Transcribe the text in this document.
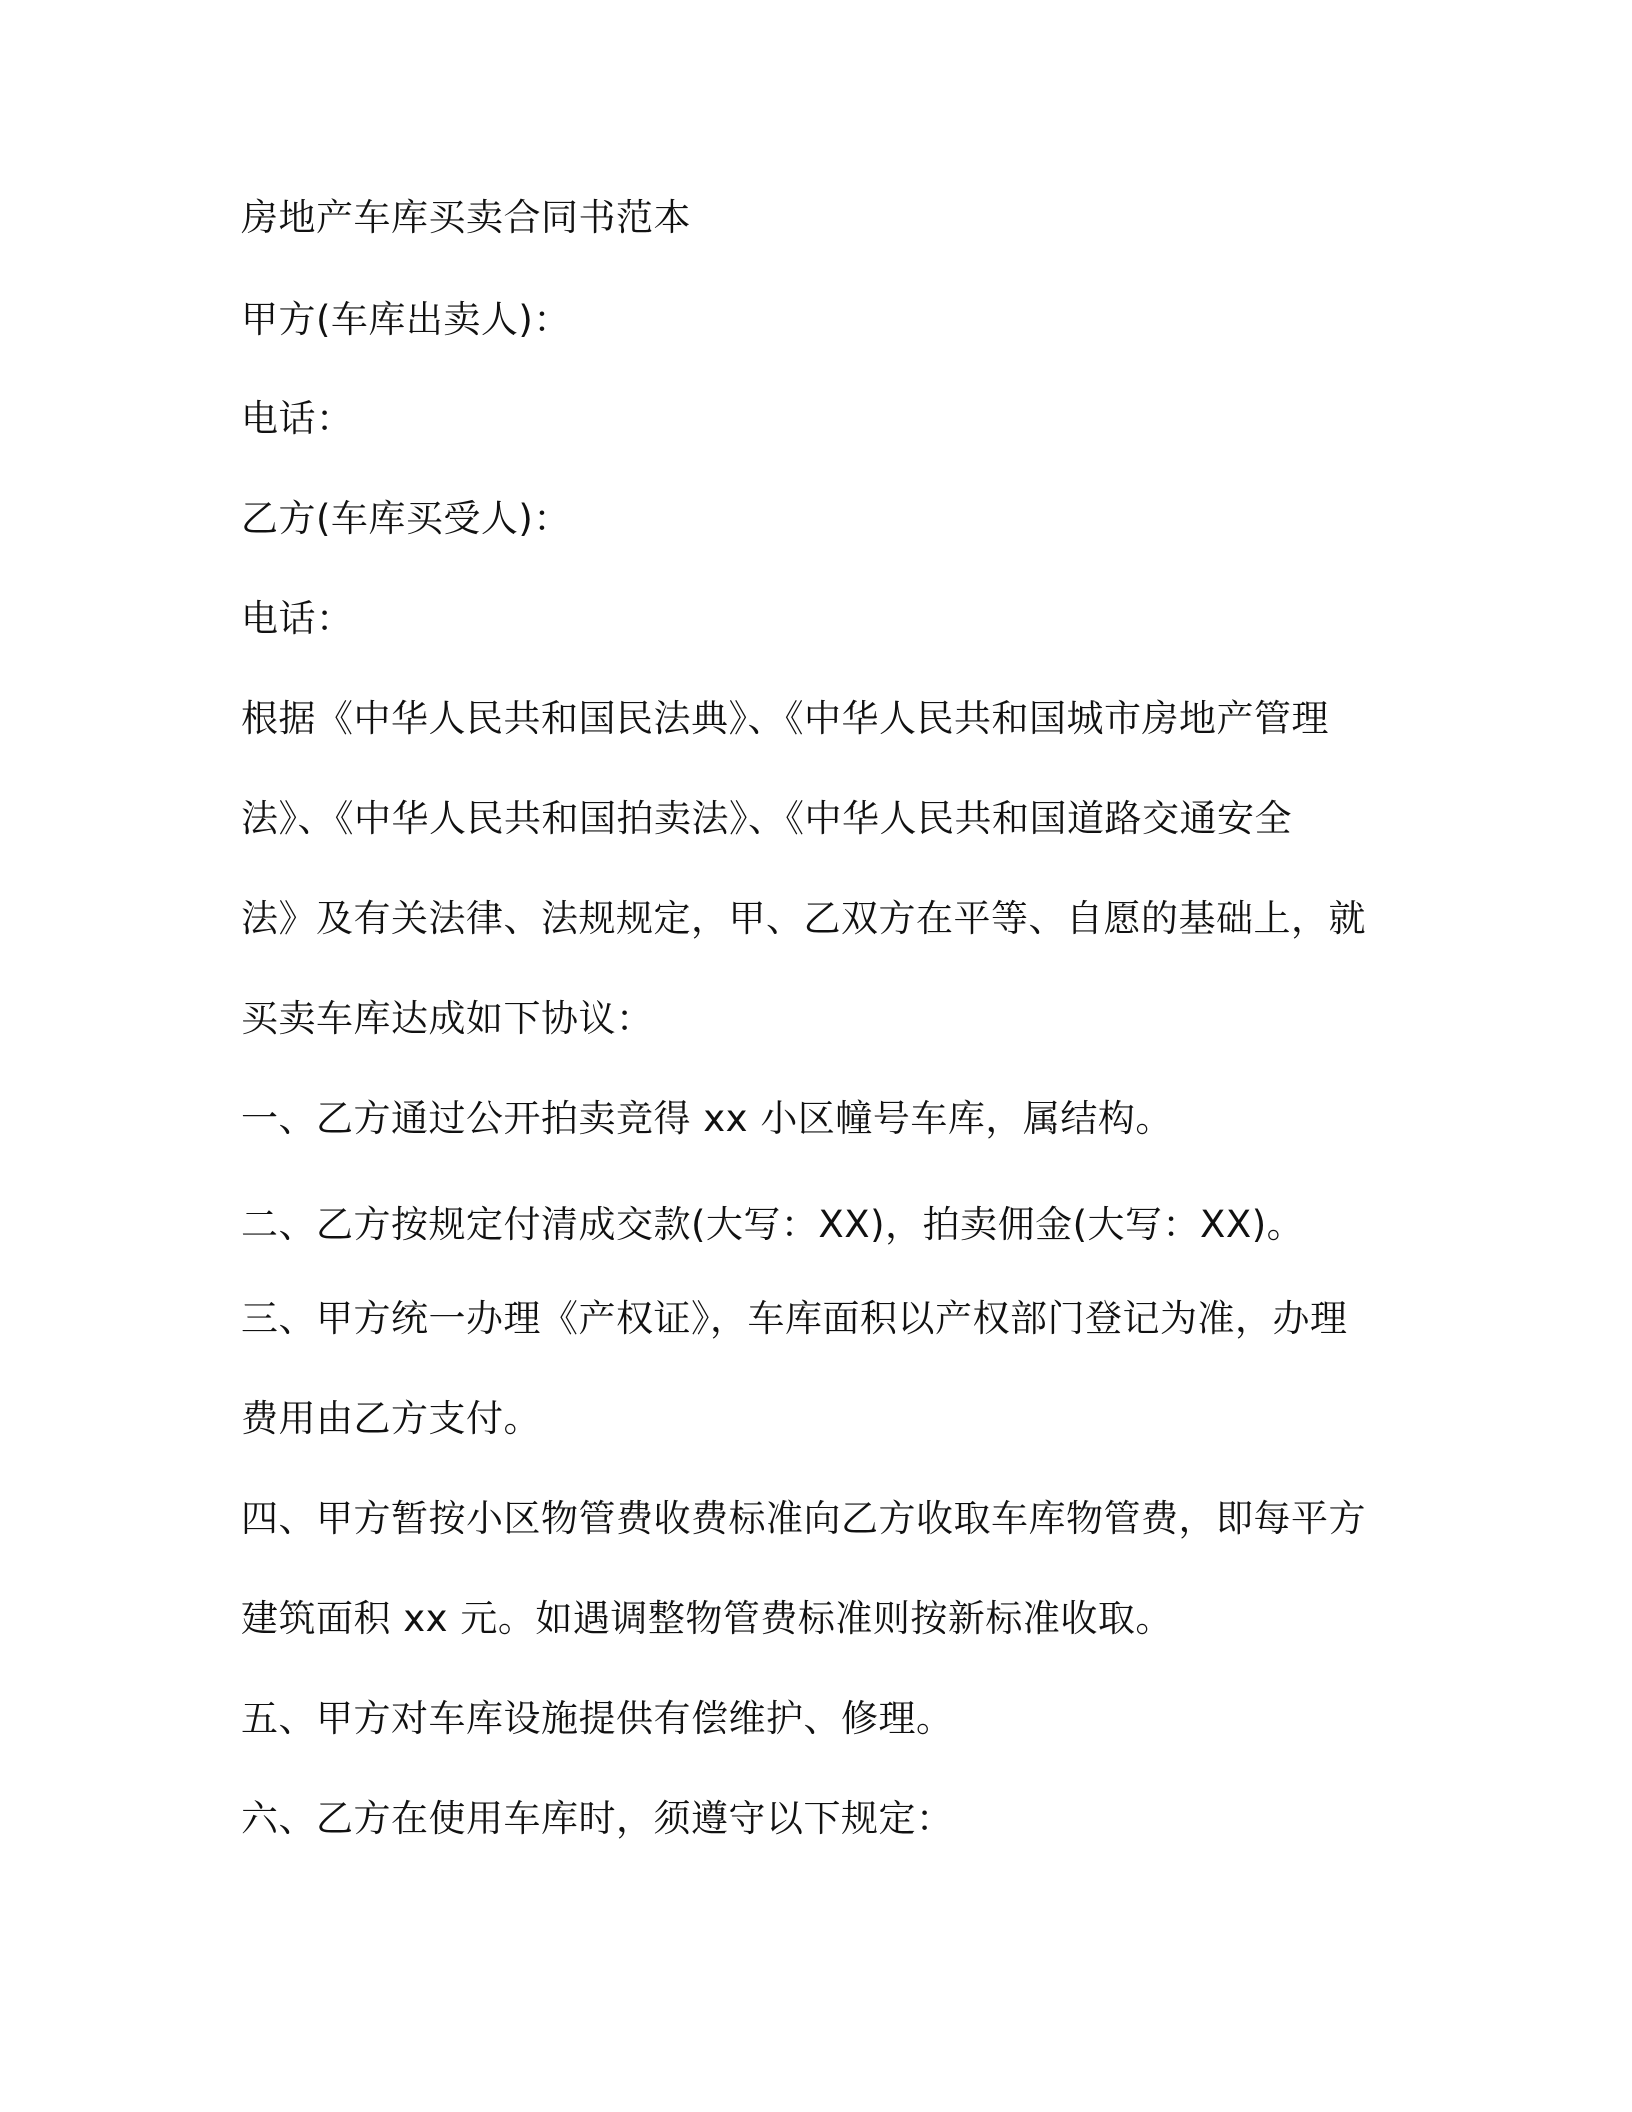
房地产车库买卖合同书范本
甲方(车库出卖人)：
电话：
乙方(车库买受人)：
电话：
根据《中华人民共和国民法典》、《中华人民共和国城市房地产管理
法》、《中华人民共和国拍卖法》、《中华人民共和国道路交通安全
法》及有关法律、法规规定，甲、乙双方在平等、自愿的基础上，就
买卖车库达成如下协议：
一、乙方通过公开拍卖竞得 xx 小区幢号车库，属结构。
二、乙方按规定付清成交款(大写：XX)，拍卖佣金(大写：XX)。
三、甲方统一办理《产权证》，车库面积以产权部门登记为准，办理
费用由乙方支付。
四、甲方暂按小区物管费收费标准向乙方收取车库物管费，即每平方
建筑面积 xx 元。如遇调整物管费标准则按新标准收取。
五、甲方对车库设施提供有偿维护、修理。
六、乙方在使用车库时，须遵守以下规定：
